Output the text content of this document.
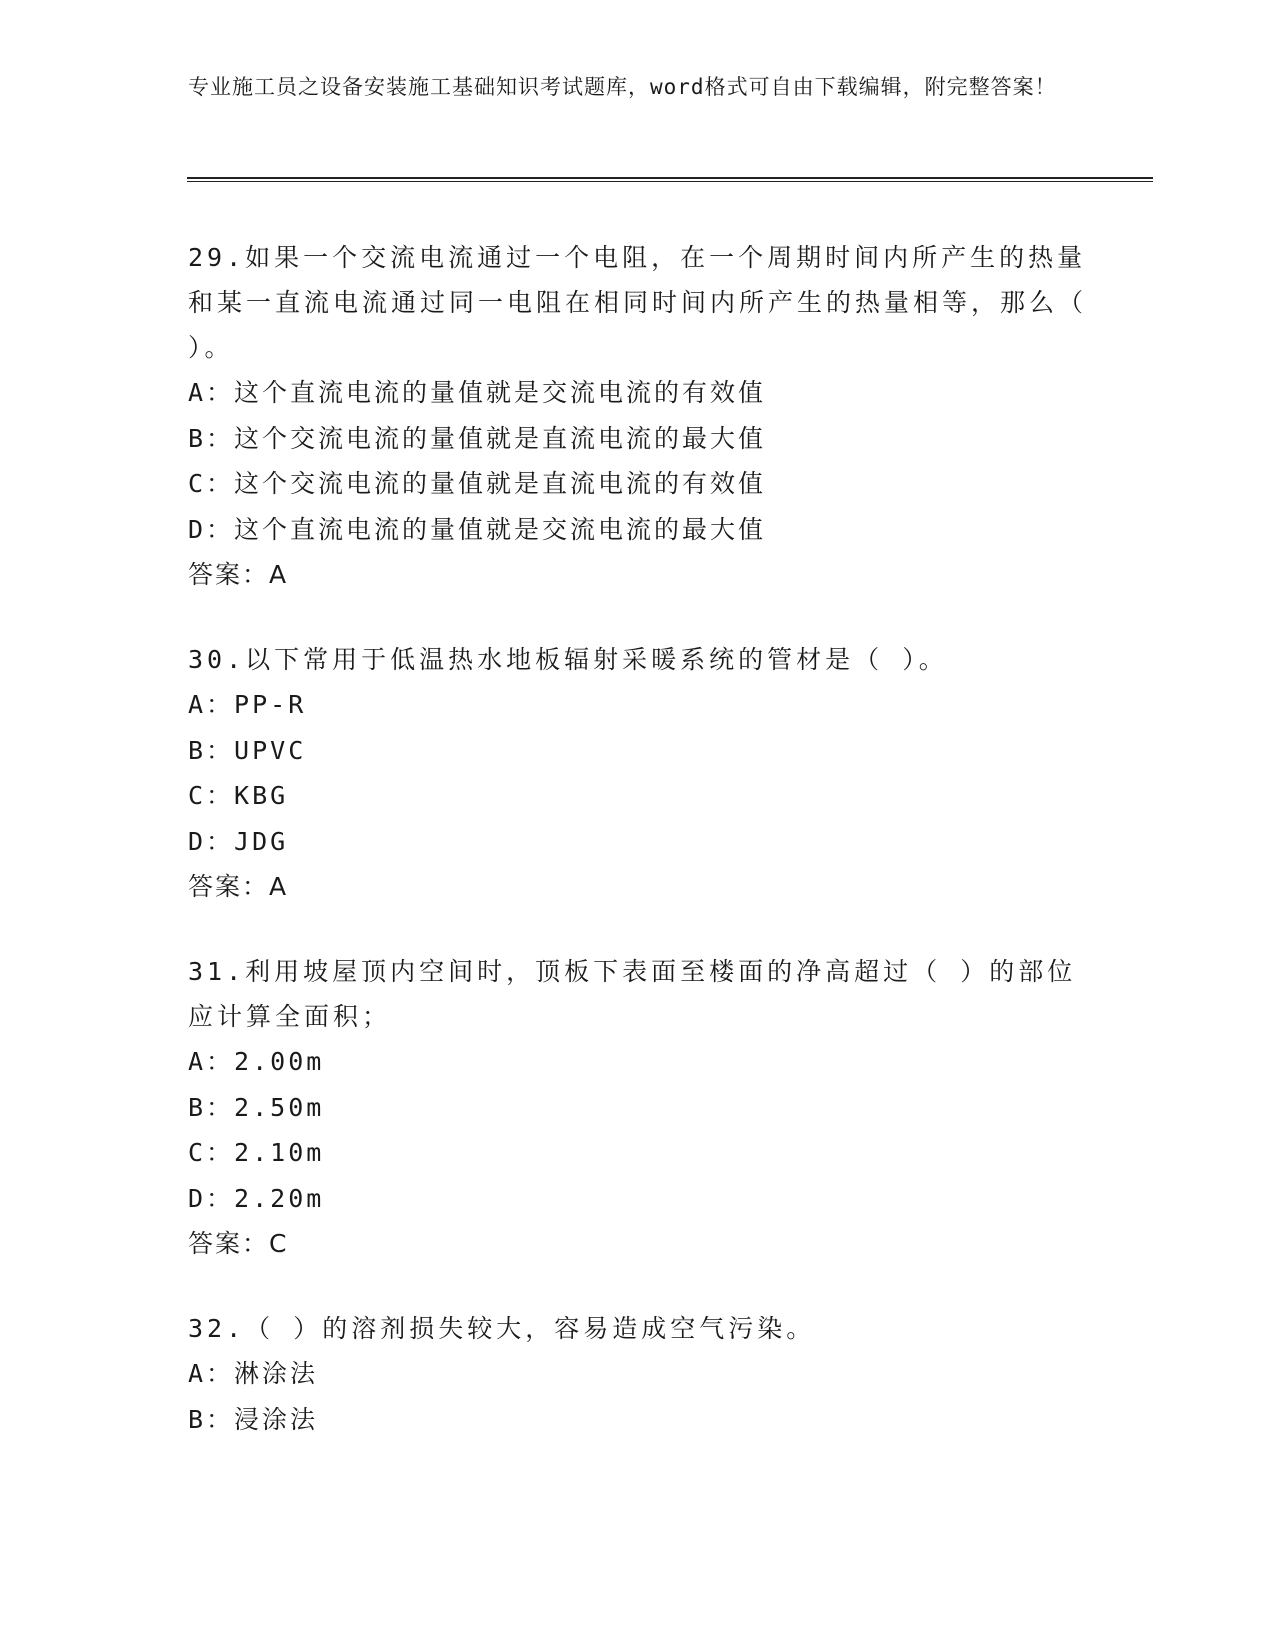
专业施工员之设备安装施工基础知识考试题库，word格式可自由下载编辑，附完整答案！

29.如果一个交流电流通过一个电阻，在一个周期时间内所产生的热量和某一直流电流通过同一电阻在相同时间内所产生的热量相等，那么（ ）。

A：这个直流电流的量值就是交流电流的有效值

B：这个交流电流的量值就是直流电流的最大值

C：这个交流电流的量值就是直流电流的有效值

D：这个直流电流的量值就是交流电流的最大值

答案：A

30.以下常用于低温热水地板辐射采暖系统的管材是（ ）。

A：PP-R

B：UPVC

C：KBG

D：JDG

答案：A

31.利用坡屋顶内空间时，顶板下表面至楼面的净高超过（ ）的部位应计算全面积；

A：2.00m

B：2.50m

C：2.10m

D：2.20m

答案：C

32.（ ）的溶剂损失较大，容易造成空气污染。

A：淋涂法

B：浸涂法
